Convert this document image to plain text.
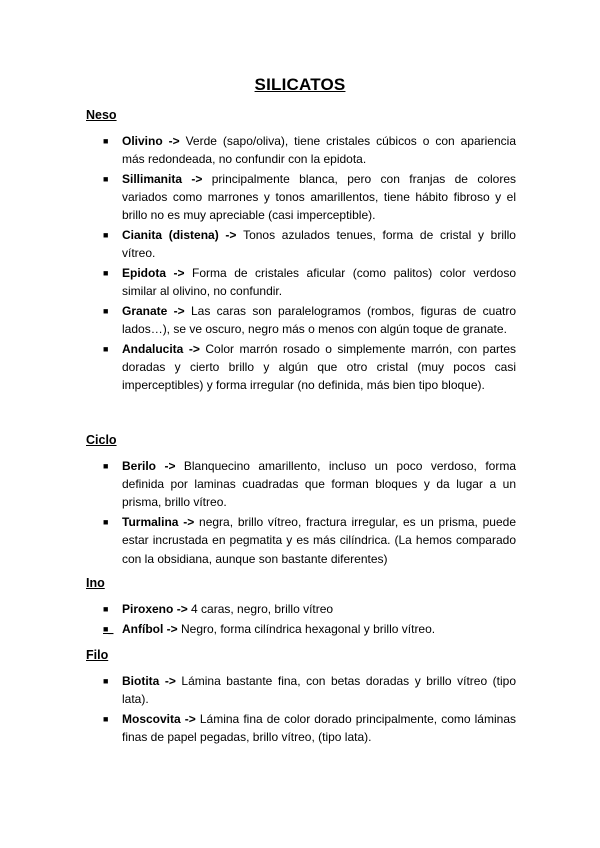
SILICATOS
Neso
■ Olivino -> Verde (sapo/oliva), tiene cristales cúbicos o con apariencia más redondeada, no confundir con la epidota.
■ Sillimanita -> principalmente blanca, pero con franjas de colores variados como marrones y tonos amarillentos, tiene hábito fibroso y el brillo no es muy apreciable (casi imperceptible).
■ Cianita (distena) -> Tonos azulados tenues, forma de cristal y brillo vítreo.
■ Epidota -> Forma de cristales aficular (como palitos) color verdoso similar al olivino, no confundir.
■ Granate -> Las caras son paralelogramos (rombos, figuras de cuatro lados…), se ve oscuro, negro más o menos con algún toque de granate.
■ Andalucita -> Color marrón rosado o simplemente marrón, con partes doradas y cierto brillo y algún que otro cristal (muy pocos casi imperceptibles) y forma irregular (no definida, más bien tipo bloque).
Ciclo
■ Berilo -> Blanquecino amarillento, incluso un poco verdoso, forma definida por laminas cuadradas que forman bloques y da lugar a un prisma, brillo vítreo.
■ Turmalina -> negra, brillo vítreo, fractura irregular, es un prisma, puede estar incrustada en pegmatita y es más cilíndrica. (La hemos comparado con la obsidiana, aunque son bastante diferentes)
Ino
■ Piroxeno -> 4 caras, negro, brillo vítreo
■_ Anfíbol -> Negro, forma cilíndrica hexagonal y brillo vítreo.
Filo
■ Biotita -> Lámina bastante fina, con betas doradas y brillo vítreo (tipo lata).
■ Moscovita -> Lámina fina de color dorado principalmente, como láminas finas de papel pegadas, brillo vítreo, (tipo lata).
